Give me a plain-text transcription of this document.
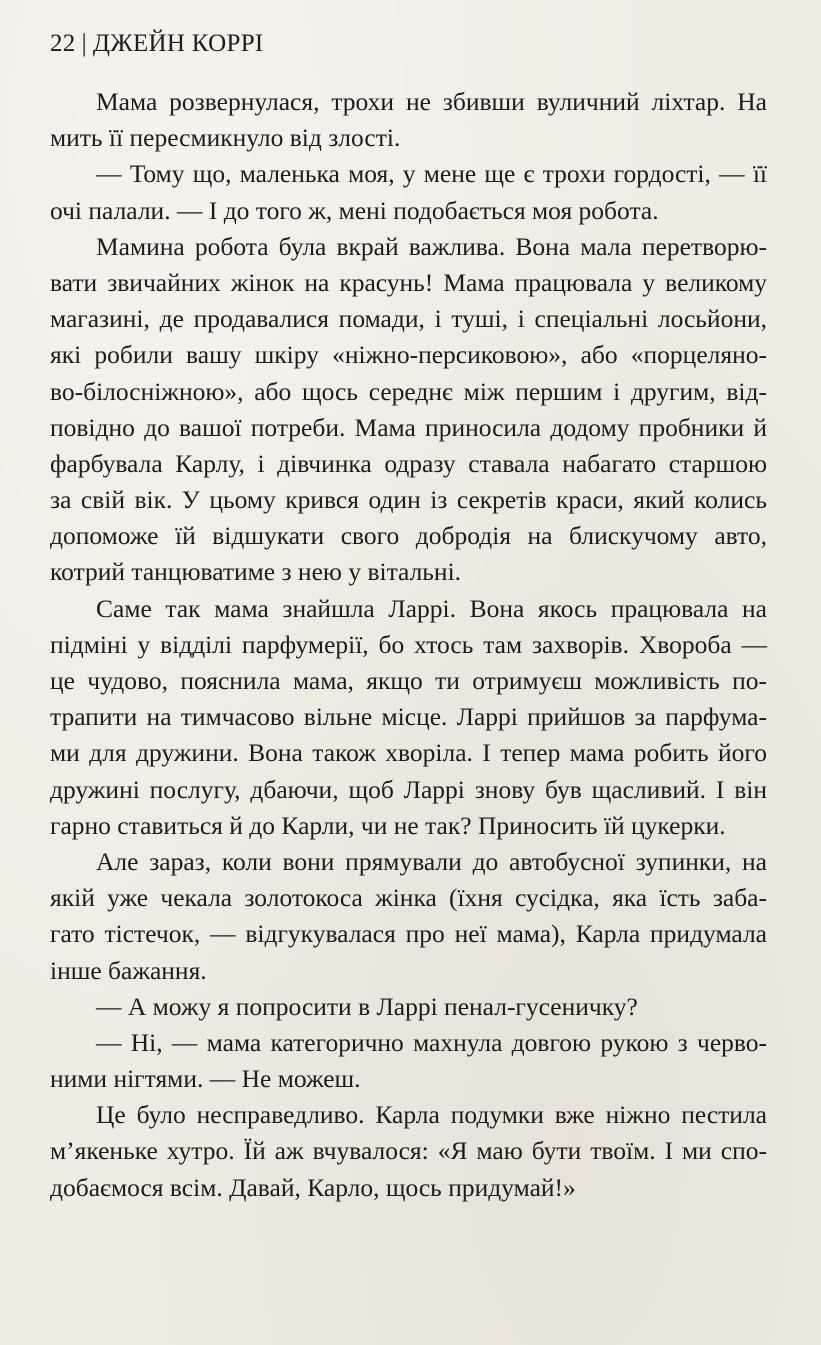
22 | ДЖЕЙН КОРРІ
Мама розвернулася, трохи не збивши вуличний ліхтар. На
мить її пересмикнуло від злості.
— Тому що, маленька моя, у мене ще є трохи гордості, — її
очі палали. — І до того ж, мені подобається моя робота.
Мамина робота була вкрай важлива. Вона мала перетворю-
вати звичайних жінок на красунь! Мама працювала у великому
магазині, де продавалися помади, і туші, і спеціальні лосьйони,
які робили вашу шкіру «ніжно-персиковою», або «порцеляно-
во-білосніжною», або щось середнє між першим і другим, від-
повідно до вашої потреби. Мама приносила додому пробники й
фарбувала Карлу, і дівчинка одразу ставала набагато старшою
за свій вік. У цьому крився один із секретів краси, який колись
допоможе їй відшукати свого добродія на блискучому авто,
котрий танцюватиме з нею у вітальні.
Саме так мама знайшла Ларрі. Вона якось працювала на
підміні у відділі парфумерії, бо хтось там захворів. Хвороба —
це чудово, пояснила мама, якщо ти отримуєш можливість по-
трапити на тимчасово вільне місце. Ларрі прийшов за парфума-
ми для дружини. Вона також хворіла. І тепер мама робить його
дружині послугу, дбаючи, щоб Ларрі знову був щасливий. І він
гарно ставиться й до Карли, чи не так? Приносить їй цукерки.
Але зараз, коли вони прямували до автобусної зупинки, на
якій уже чекала золотокоса жінка (їхня сусідка, яка їсть заба-
гато тістечок, — відгукувалася про неї мама), Карла придумала
інше бажання.
— А можу я попросити в Ларрі пенал-гусеничку?
— Ні, — мама категорично махнула довгою рукою з черво-
ними нігтями. — Не можеш.
Це було несправедливо. Карла подумки вже ніжно пестила
м’якеньке хутро. Їй аж вчувалося: «Я маю бути твоїм. І ми спо-
добаємося всім. Давай, Карло, щось придумай!»
